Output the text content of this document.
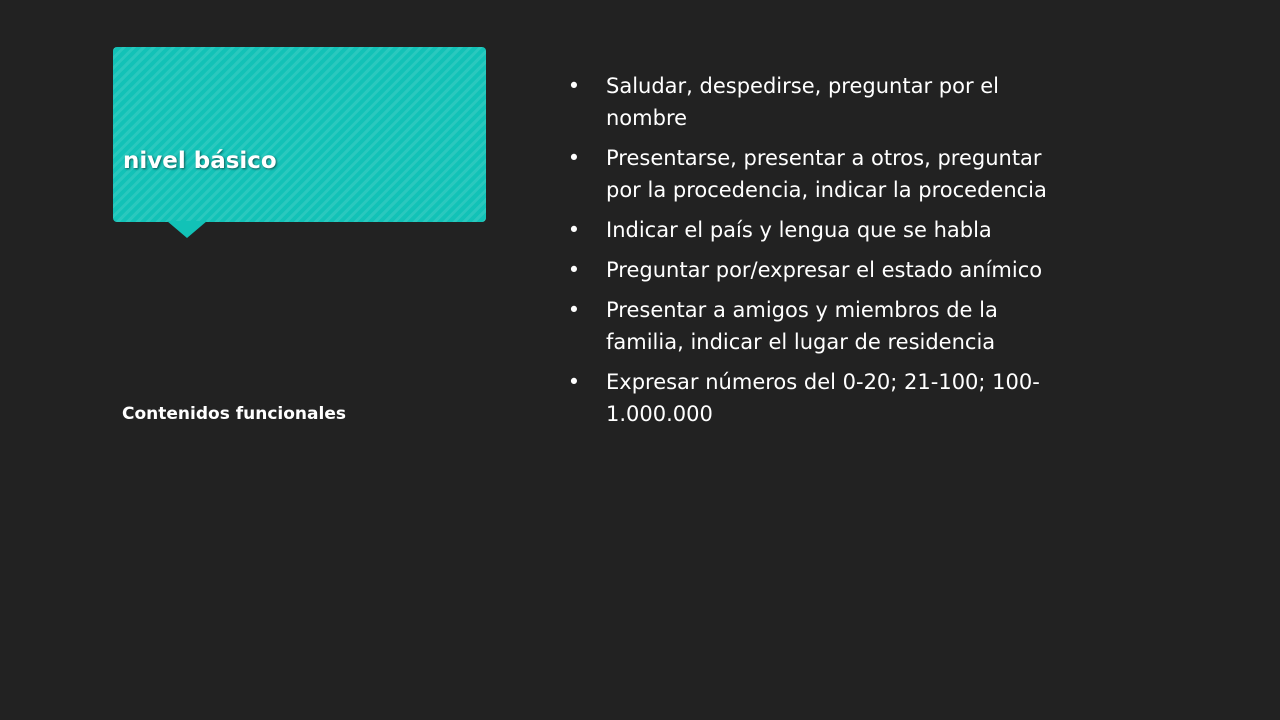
nivel básico

Contenidos funcionales

• Saludar, despedirse, preguntar por el nombre
• Presentarse, presentar a otros, preguntar por la procedencia, indicar la procedencia
• Indicar el país y lengua que se habla
• Preguntar por/expresar el estado anímico
• Presentar a amigos y miembros de la familia, indicar el lugar de residencia
• Expresar números del 0-20; 21-100; 100-1.000.000
